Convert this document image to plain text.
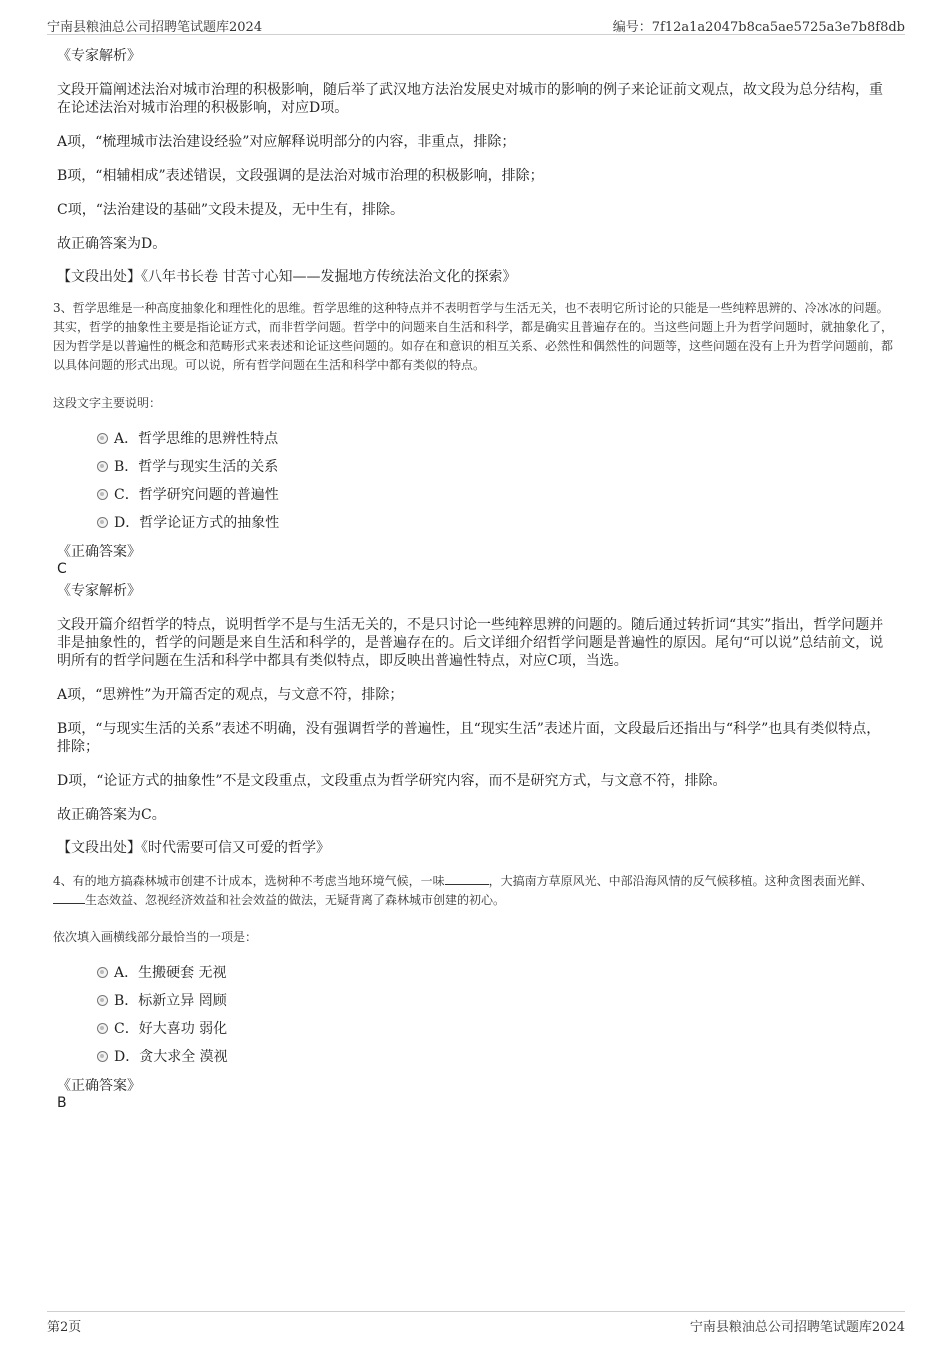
宁南县粮油总公司招聘笔试题库2024	编号：7f12a1a2047b8ca5ae5725a3e7b8f8db

《专家解析》

文段开篇阐述法治对城市治理的积极影响，随后举了武汉地方法治发展史对城市的影响的例子来论证前文观点，故文段为总分结构，重在论述法治对城市治理的积极影响，对应D项。

A项，“梳理城市法治建设经验”对应解释说明部分的内容，非重点，排除；

B项，“相辅相成”表述错误，文段强调的是法治对城市治理的积极影响，排除；

C项，“法治建设的基础”文段未提及，无中生有，排除。

故正确答案为D。

【文段出处】《八年书长卷 甘苦寸心知——发掘地方传统法治文化的探索》

3、哲学思维是一种高度抽象化和理性化的思维。哲学思维的这种特点并不表明哲学与生活无关，也不表明它所讨论的只能是一些纯粹思辨的、冷冰冰的问题。其实，哲学的抽象性主要是指论证方式，而非哲学问题。哲学中的问题来自生活和科学，都是确实且普遍存在的。当这些问题上升为哲学问题时，就抽象化了，因为哲学是以普遍性的概念和范畴形式来表述和论证这些问题的。如存在和意识的相互关系、必然性和偶然性的问题等，这些问题在没有上升为哲学问题前，都以具体问题的形式出现。可以说，所有哲学问题在生活和科学中都有类似的特点。

这段文字主要说明：

A．哲学思维的思辨性特点
B．哲学与现实生活的关系
C．哲学研究问题的普遍性
D．哲学论证方式的抽象性

《正确答案》

C

《专家解析》

文段开篇介绍哲学的特点，说明哲学不是与生活无关的，不是只讨论一些纯粹思辨的问题的。随后通过转折词“其实”指出，哲学问题并非是抽象性的，哲学的问题是来自生活和科学的，是普遍存在的。后文详细介绍哲学问题是普遍性的原因。尾句“可以说”总结前文，说明所有的哲学问题在生活和科学中都具有类似特点，即反映出普遍性特点，对应C项，当选。

A项，“思辨性”为开篇否定的观点，与文意不符，排除；

B项，“与现实生活的关系”表述不明确，没有强调哲学的普遍性，且“现实生活”表述片面，文段最后还指出与“科学”也具有类似特点，排除；

D项，“论证方式的抽象性”不是文段重点，文段重点为哲学研究内容，而不是研究方式，与文意不符，排除。

故正确答案为C。

【文段出处】《时代需要可信又可爱的哲学》

4、有的地方搞森林城市创建不计成本，选树种不考虑当地环境气候，一味	，大搞南方草原风光、中部沿海风情的反气候移植。这种贪图表面光鲜、生态效益、忽视经济效益和社会效益的做法，无疑背离了森林城市创建的初心。

依次填入画横线部分最恰当的一项是：

A．生搬硬套 无视
B．标新立异 罔顾
C．好大喜功 弱化
D．贪大求全 漠视

《正确答案》

B
第2页	宁南县粮油总公司招聘笔试题库2024
